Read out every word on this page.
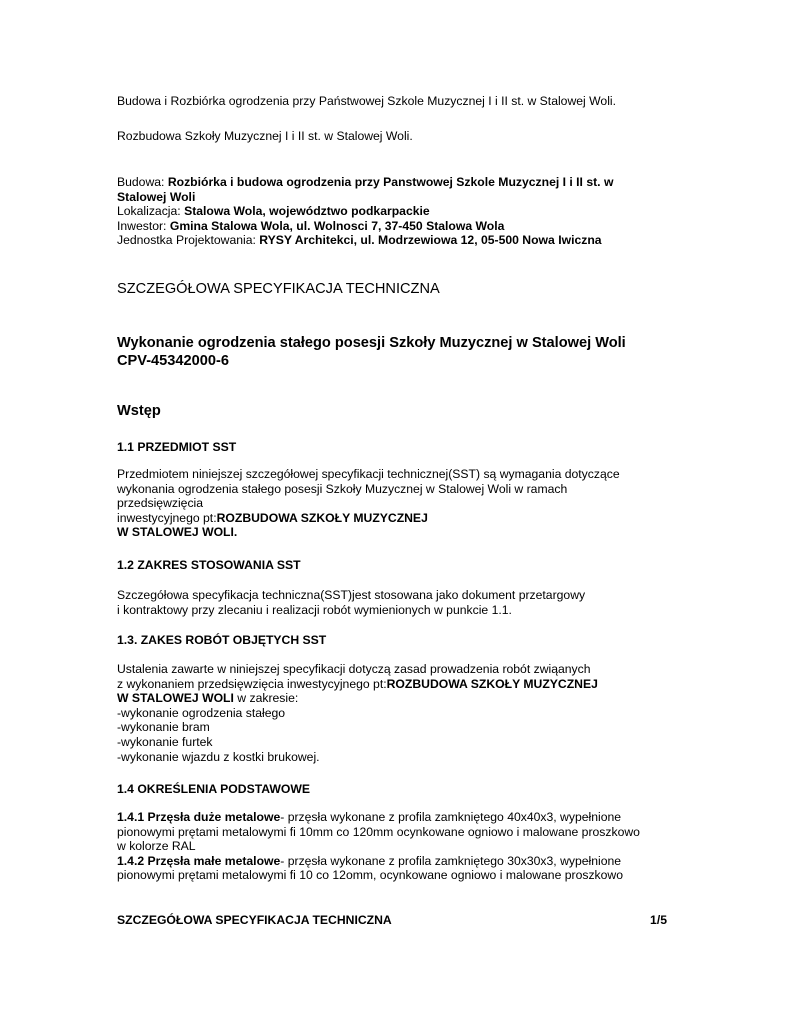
Budowa i Rozbiórka ogrodzenia przy Państwowej Szkole Muzycznej I i II st. w Stalowej Woli.
Rozbudowa Szkoły Muzycznej I i II st. w Stalowej Woli.
Budowa: Rozbiórka i budowa ogrodzenia przy Panstwowej Szkole Muzycznej I i II st. w
Stalowej Woli
Lokalizacja: Stalowa Wola, województwo podkarpackie
Inwestor: Gmina Stalowa Wola, ul. Wolnosci 7, 37-450 Stalowa Wola
Jednostka Projektowania: RYSY Architekci, ul. Modrzewiowa 12, 05-500 Nowa Iwiczna
SZCZEGÓŁOWA SPECYFIKACJA TECHNICZNA
Wykonanie ogrodzenia stałego posesji Szkoły Muzycznej w Stalowej Woli
CPV-45342000-6
Wstęp
1.1 PRZEDMIOT SST
Przedmiotem niniejszej szczegółowej specyfikacji technicznej(SST) są wymagania dotyczące
wykonania ogrodzenia stałego posesji Szkoły Muzycznej w Stalowej Woli w ramach
przedsięwzięcia
inwestycyjnego pt:ROZBUDOWA SZKOŁY MUZYCZNEJ
W STALOWEJ WOLI.
1.2 ZAKRES STOSOWANIA SST
Szczegółowa specyfikacja techniczna(SST)jest stosowana jako dokument przetargowy
i kontraktowy przy zlecaniu i realizacji robót wymienionych w punkcie 1.1.
1.3. ZAKES ROBÓT OBJĘTYCH SST
Ustalenia zawarte w niniejszej specyfikacji dotyczą zasad prowadzenia robót zwiąanych
z wykonaniem przedsięwzięcia inwestycyjnego pt:ROZBUDOWA SZKOŁY MUZYCZNEJ
W STALOWEJ WOLI w zakresie:
-wykonanie ogrodzenia stałego
-wykonanie bram
-wykonanie furtek
-wykonanie wjazdu z kostki brukowej.
1.4 OKREŚLENIA PODSTAWOWE
1.4.1 Przęsła duże metalowe- przęsła wykonane z profila zamkniętego 40x40x3, wypełnione
pionowymi prętami metalowymi fi 10mm co 120mm ocynkowane ogniowo i malowane proszkowo
w kolorze RAL
1.4.2 Przęsła małe metalowe- przęsła wykonane z profila zamkniętego 30x30x3, wypełnione
pionowymi prętami metalowymi fi 10 co 12omm, ocynkowane ogniowo i malowane proszkowo
SZCZEGÓŁOWA SPECYFIKACJA TECHNICZNA	1/5
